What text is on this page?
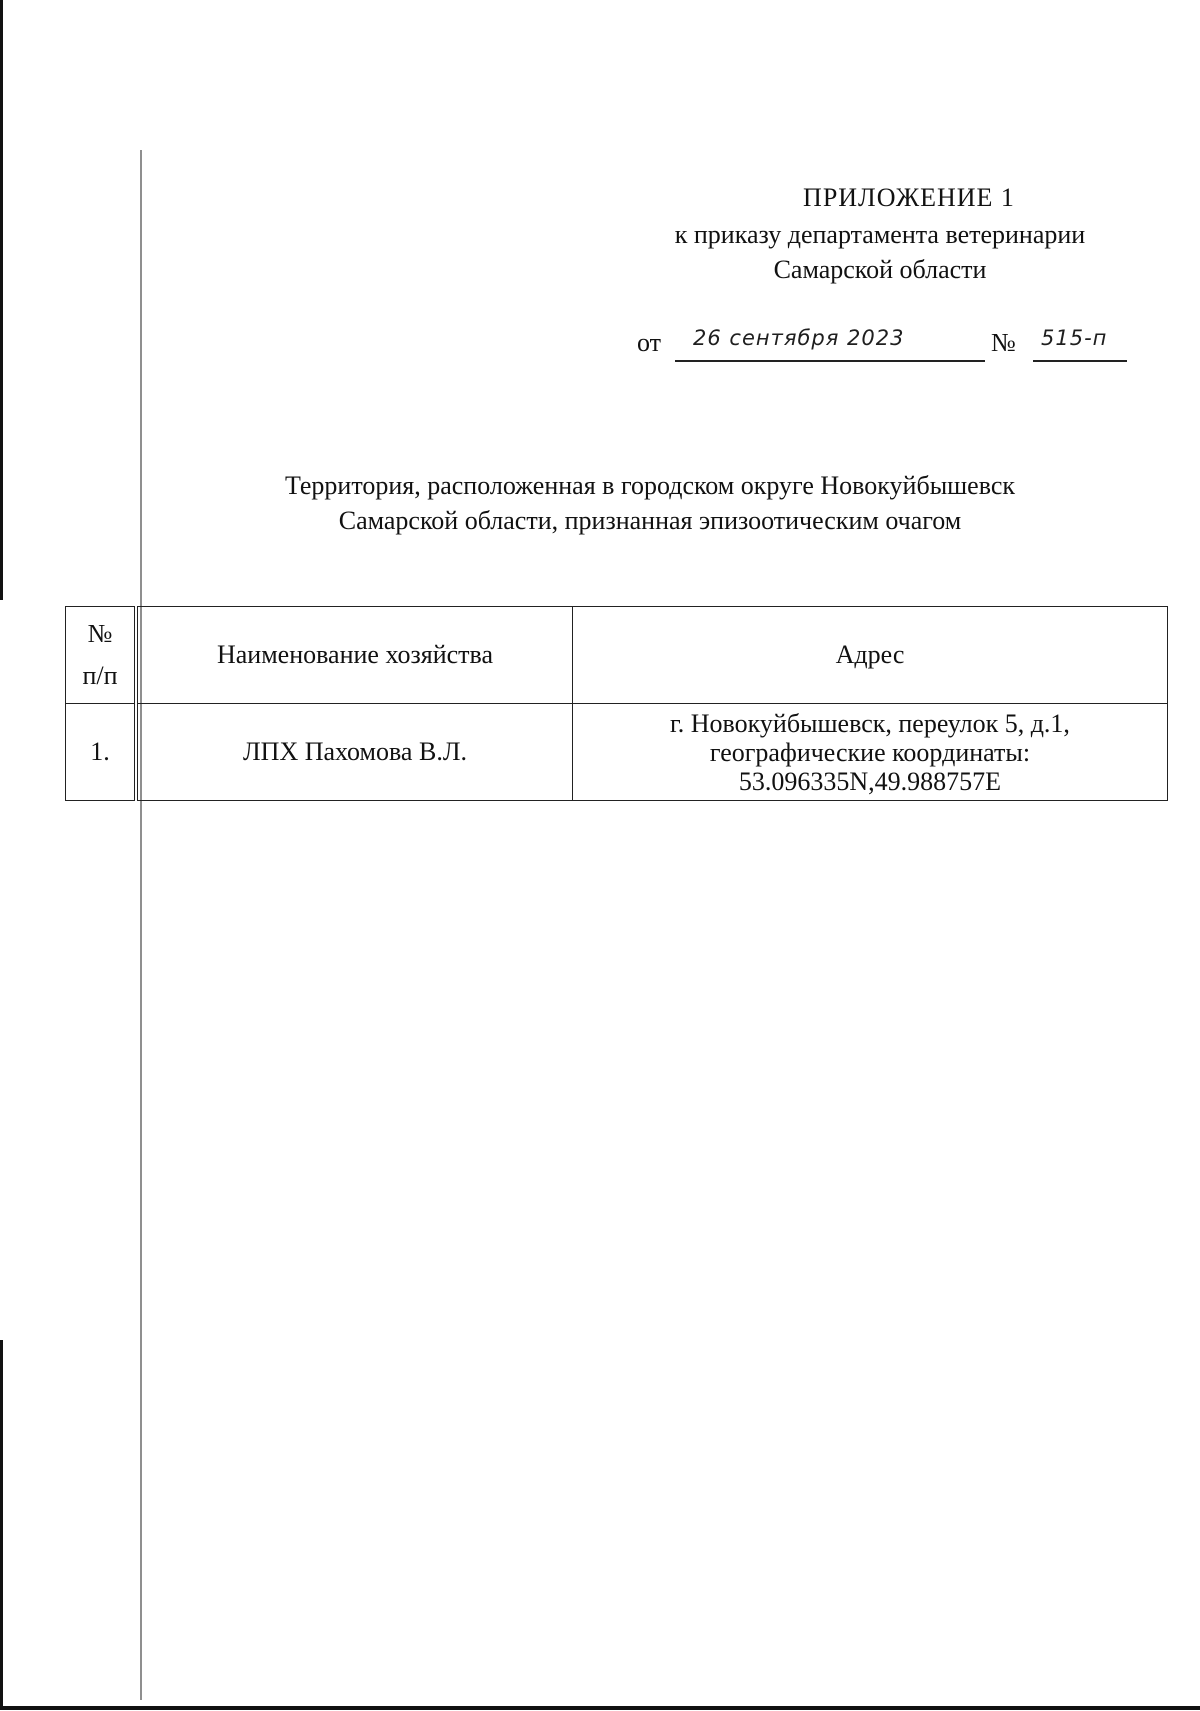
ПРИЛОЖЕНИЕ 1
к приказу департамента ветеринарии
Самарской области
от 26 сентября 2023	№ 515-п
Территория, расположенная в городском округе Новокуйбышевск
Самарской области, признанная эпизоотическим очагом
№
п/п	Наименование хозяйства	Адрес
1.	ЛПХ Пахомова В.Л.	г. Новокуйбышевск, переулок 5, д.1,
географические координаты:
53.096335N,49.988757E
